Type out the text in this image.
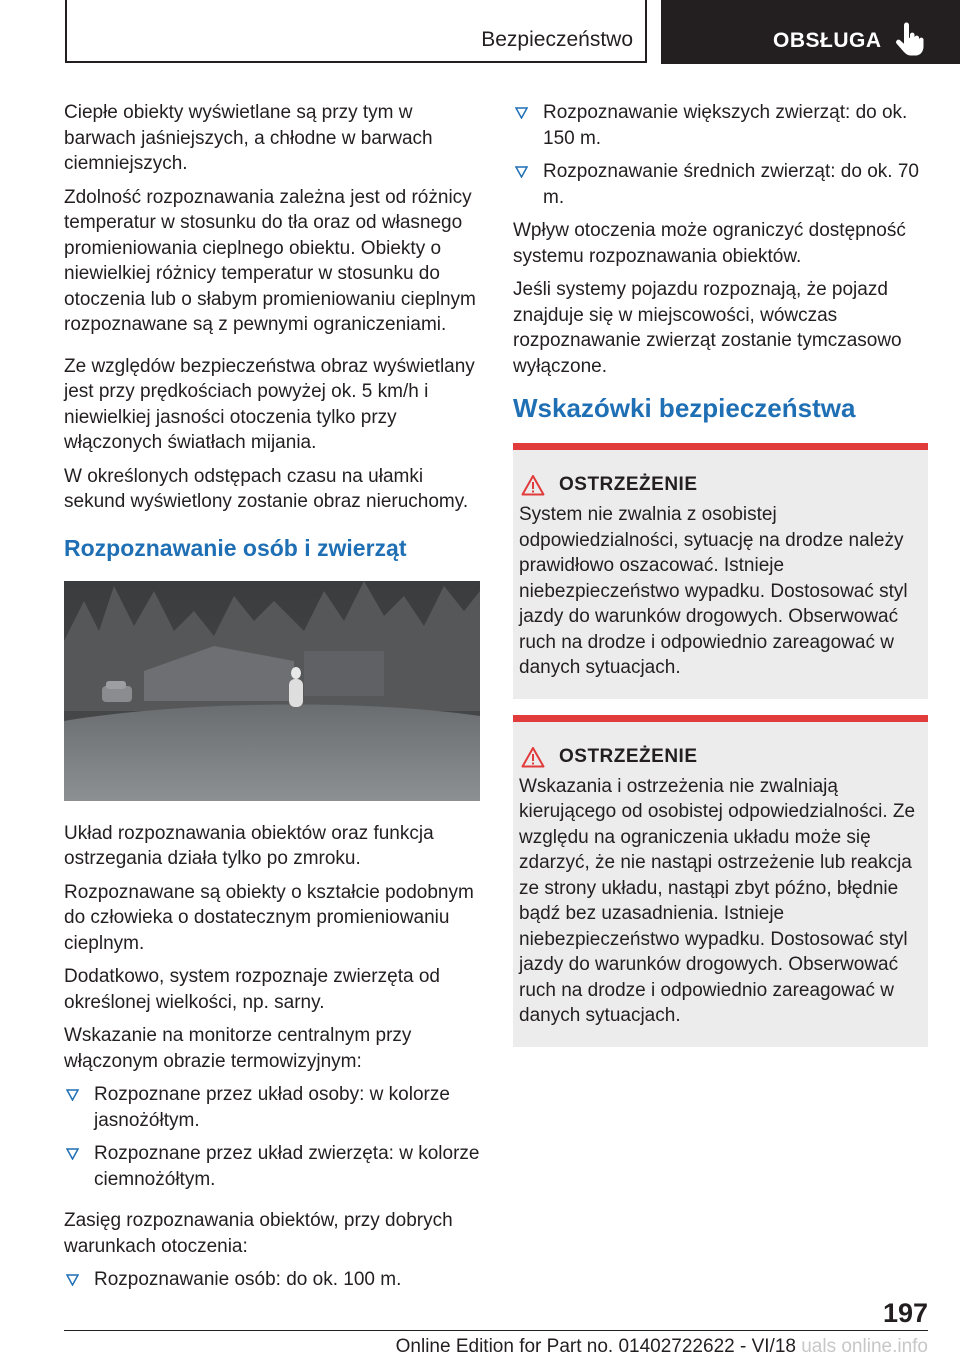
Bezpieczeństwo	OBSŁUGA

Ciepłe obiekty wyświetlane są przy tym w barwach jaśniejszych, a chłodne w barwach ciemniejszych.

Zdolność rozpoznawania zależna jest od różnicy temperatur w stosunku do tła oraz od własnego promieniowania cieplnego obiektu. Obiekty o niewielkiej różnicy temperatur w stosunku do otoczenia lub o słabym promieniowaniu cieplnym rozpoznawane są z pewnymi ograniczeniami.

Ze względów bezpieczeństwa obraz wyświetlany jest przy prędkościach powyżej ok. 5 km/h i niewielkiej jasności otoczenia tylko przy włączonych światłach mijania.

W określonych odstępach czasu na ułamki sekund wyświetlony zostanie obraz nieruchomy.

Rozpoznawanie osób i zwierząt

Układ rozpoznawania obiektów oraz funkcja ostrzegania działa tylko po zmroku.

Rozpoznawane są obiekty o kształcie podobnym do człowieka o dostatecznym promieniowaniu cieplnym.

Dodatkowo, system rozpoznaje zwierzęta od określonej wielkości, np. sarny.

Wskazanie na monitorze centralnym przy włączonym obrazie termowizyjnym:

Rozpoznane przez układ osoby: w kolorze jasnożółtym.
Rozpoznane przez układ zwierzęta: w kolorze ciemnożółtym.

Zasięg rozpoznawania obiektów, przy dobrych warunkach otoczenia:

Rozpoznawanie osób: do ok. 100 m.
Rozpoznawanie większych zwierząt: do ok. 150 m.
Rozpoznawanie średnich zwierząt: do ok. 70 m.

Wpływ otoczenia może ograniczyć dostępność systemu rozpoznawania obiektów.

Jeśli systemy pojazdu rozpoznają, że pojazd znajduje się w miejscowości, wówczas rozpoznawanie zwierząt zostanie tymczasowo wyłączone.

Wskazówki bezpieczeństwa
OSTRZEŻENIE

System nie zwalnia z osobistej odpowiedzialności, sytuację na drodze należy prawidłowo oszacować. Istnieje niebezpieczeństwo wypadku. Dostosować styl jazdy do warunków drogowych. Obserwować ruch na drodze i odpowiednio zareagować w danych sytuacjach.

OSTRZEŻENIE

Wskazania i ostrzeżenia nie zwalniają kierującego od osobistej odpowiedzialności. Ze względu na ograniczenia układu może się zdarzyć, że nie nastąpi ostrzeżenie lub reakcja ze strony układu, nastąpi zbyt późno, błędnie bądź bez uzasadnienia. Istnieje niebezpieczeństwo wypadku. Dostosować styl jazdy do warunków drogowych. Obserwować ruch na drodze i odpowiednio zareagować w danych sytuacjach.

197
Online Edition for Part no. 01402722622 - VI/18 uals online.info
